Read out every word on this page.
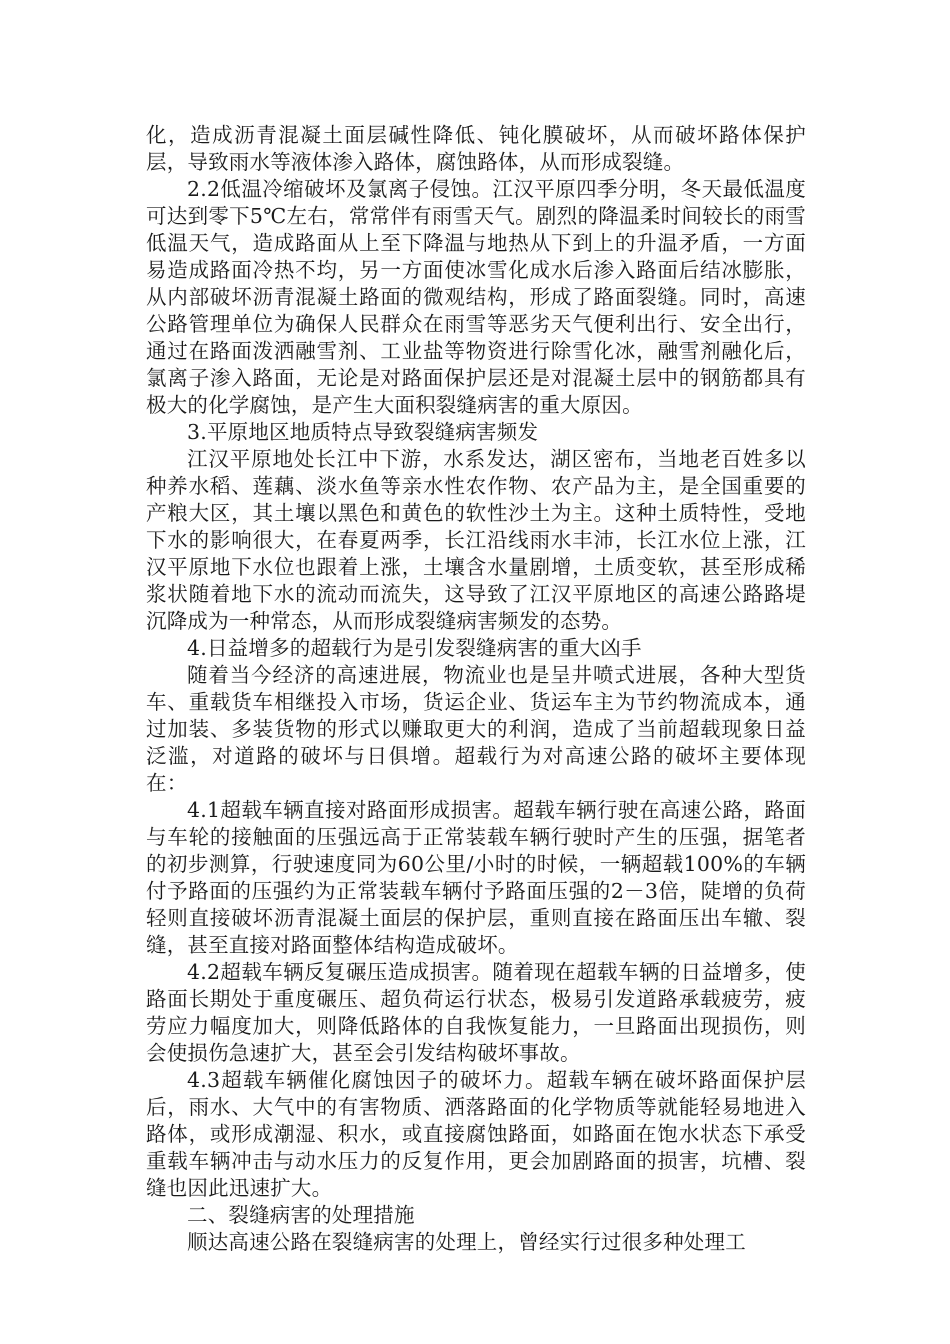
化，造成沥青混凝土面层碱性降低、钝化膜破坏，从而破坏路体保护层，导致雨水等液体渗入路体，腐蚀路体，从而形成裂缝。

2.2低温冷缩破坏及氯离子侵蚀。江汉平原四季分明，冬天最低温度可达到零下5℃左右，常常伴有雨雪天气。剧烈的降温柔时间较长的雨雪低温天气，造成路面从上至下降温与地热从下到上的升温矛盾，一方面易造成路面冷热不均，另一方面使冰雪化成水后渗入路面后结冰膨胀，从内部破坏沥青混凝土路面的微观结构，形成了路面裂缝。同时，高速公路管理单位为确保人民群众在雨雪等恶劣天气便利出行、安全出行，通过在路面泼洒融雪剂、工业盐等物资进行除雪化冰，融雪剂融化后，氯离子渗入路面，无论是对路面保护层还是对混凝土层中的钢筋都具有极大的化学腐蚀，是产生大面积裂缝病害的重大原因。

3.平原地区地质特点导致裂缝病害频发

江汉平原地处长江中下游，水系发达，湖区密布，当地老百姓多以种养水稻、莲藕、淡水鱼等亲水性农作物、农产品为主，是全国重要的产粮大区，其土壤以黑色和黄色的软性沙土为主。这种土质特性，受地下水的影响很大，在春夏两季，长江沿线雨水丰沛，长江水位上涨，江汉平原地下水位也跟着上涨，土壤含水量剧增，土质变软，甚至形成稀浆状随着地下水的流动而流失，这导致了江汉平原地区的高速公路路堤沉降成为一种常态，从而形成裂缝病害频发的态势。

4.日益增多的超载行为是引发裂缝病害的重大凶手

随着当今经济的高速进展，物流业也是呈井喷式进展，各种大型货车、重载货车相继投入市场，货运企业、货运车主为节约物流成本，通过加装、多装货物的形式以赚取更大的利润，造成了当前超载现象日益泛滥，对道路的破坏与日俱增。超载行为对高速公路的破坏主要体现在：

4.1超载车辆直接对路面形成损害。超载车辆行驶在高速公路，路面与车轮的接触面的压强远高于正常装载车辆行驶时产生的压强，据笔者的初步测算，行驶速度同为60公里/小时的时候，一辆超载100%的车辆付予路面的压强约为正常装载车辆付予路面压强的2－3倍，陡增的负荷轻则直接破坏沥青混凝土面层的保护层，重则直接在路面压出车辙、裂缝，甚至直接对路面整体结构造成破坏。

4.2超载车辆反复碾压造成损害。随着现在超载车辆的日益增多，使路面长期处于重度碾压、超负荷运行状态，极易引发道路承载疲劳，疲劳应力幅度加大，则降低路体的自我恢复能力，一旦路面出现损伤，则会使损伤急速扩大，甚至会引发结构破坏事故。

4.3超载车辆催化腐蚀因子的破坏力。超载车辆在破坏路面保护层后，雨水、大气中的有害物质、洒落路面的化学物质等就能轻易地进入路体，或形成潮湿、积水，或直接腐蚀路面，如路面在饱水状态下承受重载车辆冲击与动水压力的反复作用，更会加剧路面的损害，坑槽、裂缝也因此迅速扩大。

二、裂缝病害的处理措施

顺达高速公路在裂缝病害的处理上，曾经实行过很多种处理工
